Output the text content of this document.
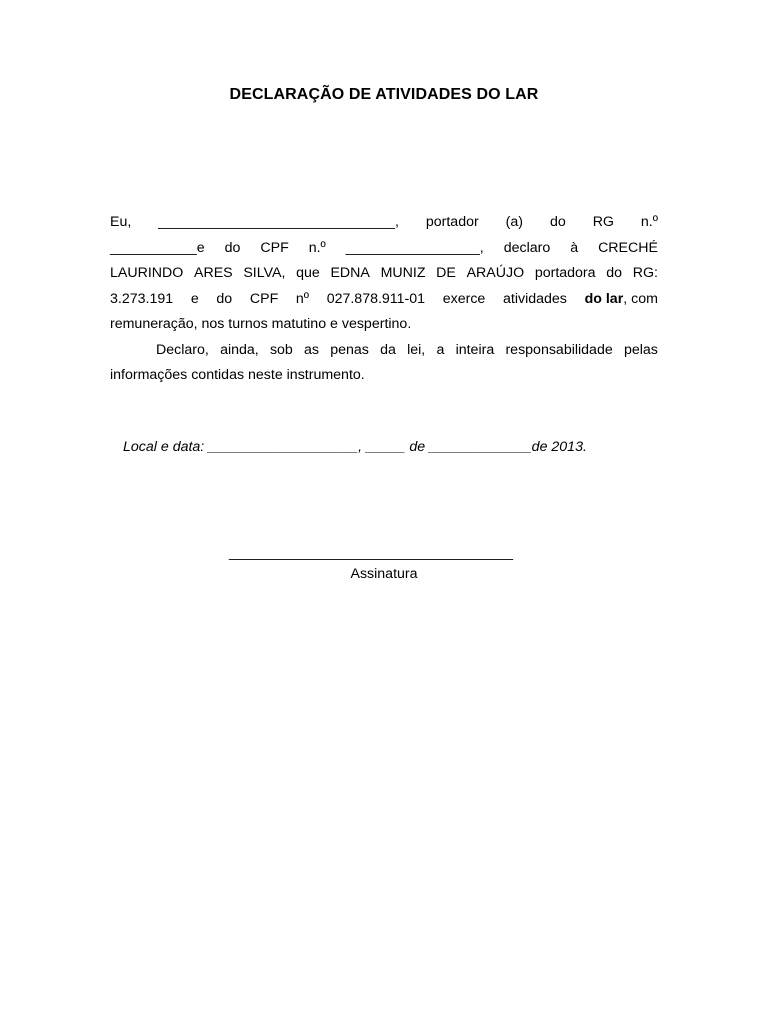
DECLARAÇÃO DE ATIVIDADES DO LAR
Eu, ______________________________, portador (a) do RG n.º
___________e do CPF n.º _________________, declaro à CRECHÉ
LAURINDO ARES SILVA, que EDNA MUNIZ DE ARAÚJO portadora do RG:
3.273.191 e do CPF nº 027.878.911-01 exerce atividades do lar, com
remuneração, nos turnos matutino e vespertino.
Declaro, ainda, sob as penas da lei, a inteira responsabilidade pelas
informações contidas neste instrumento.
Local e data: ___________________, _____ de _____________de 2013.
____________________________________
Assinatura
